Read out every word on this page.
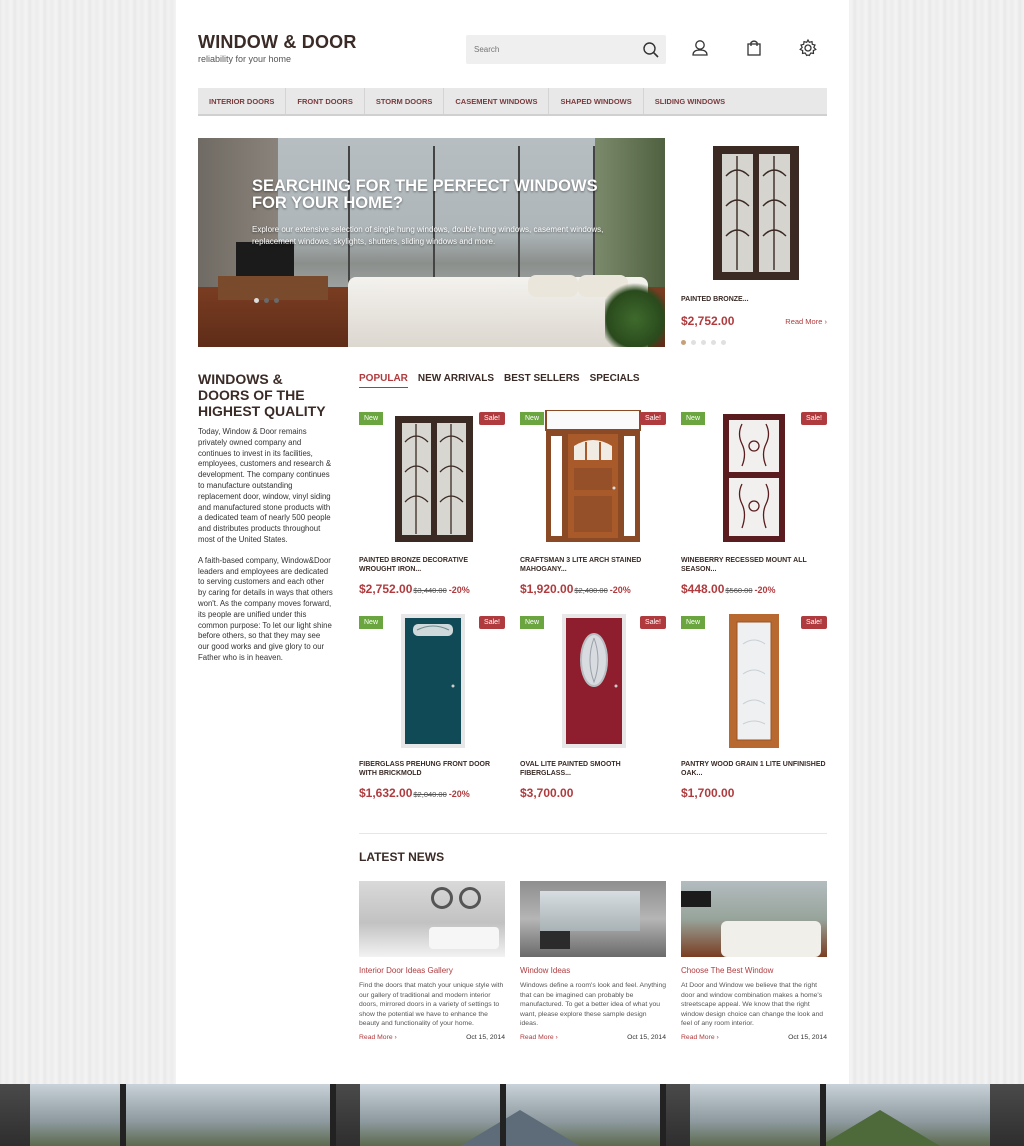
WINDOW & DOOR
reliability for your home
Search
INTERIOR DOORS	FRONT DOORS	STORM DOORS	CASEMENT WINDOWS	SHAPED WINDOWS	SLIDING WINDOWS
SEARCHING FOR THE PERFECT WINDOWS FOR YOUR HOME?
Explore our extensive selection of single hung windows, double hung windows, casement windows, replacement windows, skylights, shutters, sliding windows and more.
PAINTED BRONZE...
$2,752.00	Read More ›
WINDOWS & DOORS OF THE HIGHEST QUALITY
Today, Window & Door remains privately owned company and continues to invest in its facilities, employees, customers and research & development. The company continues to manufacture outstanding replacement door, window, vinyl siding and manufactured stone products with a dedicated team of nearly 500 people and distributes products throughout most of the United States.
A faith-based company, Window&Door leaders and employees are dedicated to serving customers and each other by caring for details in ways that others won't. As the company moves forward, its people are unified under this common purpose: To let our light shine before others, so that they may see our good works and give glory to our Father who is in heaven.
POPULAR NEW ARRIVALS BEST SELLERS SPECIALS
New	Sale!
PAINTED BRONZE DECORATIVE WROUGHT IRON...
$2,752.00$3,440.00 -20%
New	Sale!
CRAFTSMAN 3 LITE ARCH STAINED MAHOGANY...
$1,920.00$2,400.00 -20%
New	Sale!
WINEBERRY RECESSED MOUNT ALL SEASON...
$448.00$560.00 -20%
New	Sale!
FIBERGLASS PREHUNG FRONT DOOR WITH BRICKMOLD
$1,632.00$2,040.00 -20%
New	Sale!
OVAL LITE PAINTED SMOOTH FIBERGLASS...
$3,700.00
New	Sale!
PANTRY WOOD GRAIN 1 LITE UNFINISHED OAK...
$1,700.00
LATEST NEWS
Interior Door Ideas Gallery
Find the doors that match your unique style with our gallery of traditional and modern interior doors, mirrored doors in a variety of settings to show the potential we have to enhance the beauty and functionality of your home.
Read More ›	Oct 15, 2014
Window Ideas
Windows define a room's look and feel. Anything that can be imagined can probably be manufactured. To get a better idea of what you want, please explore these sample design ideas.
Read More ›	Oct 15, 2014
Choose The Best Window
At Door and Window we believe that the right door and window combination makes a home's streetscape appeal. We know that the right window design choice can change the look and feel of any room interior.
Read More ›	Oct 15, 2014
